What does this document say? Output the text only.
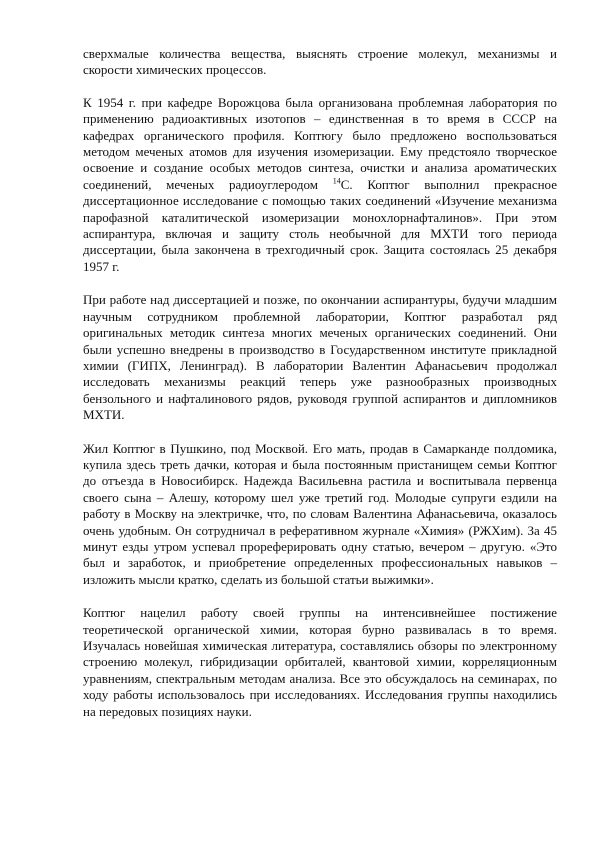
сверхмалые количества вещества, выяснять строение молекул, механизмы и скорости химических процессов.

К 1954 г. при кафедре Ворожцова была организована проблемная лаборатория по применению радиоактивных изотопов – единственная в то время в СССР на кафедрах органического профиля. Коптюгу было предложено воспользоваться методом меченых атомов для изучения изомеризации. Ему предстояло творческое освоение и создание особых методов синтеза, очистки и анализа ароматических соединений, меченых радиоуглеродом $^{14}$С. Коптюг выполнил прекрасное диссертационное исследование с помощью таких соединений «Изучение механизма парофазной каталитической изомеризации монохлорнафталинов». При этом аспирантура, включая и защиту столь необычной для МХТИ того периода диссертации, была закончена в трехгодичный срок. Защита состоялась 25 декабря 1957 г.

При работе над диссертацией и позже, по окончании аспирантуры, будучи младшим научным сотрудником проблемной лаборатории, Коптюг разработал ряд оригинальных методик синтеза многих меченых органических соединений. Они были успешно внедрены в производство в Государственном институте прикладной химии (ГИПХ, Ленинград). В лаборатории Валентин Афанасьевич продолжал исследовать механизмы реакций теперь уже разнообразных производных бензольного и нафталинового рядов, руководя группой аспирантов и дипломников МХТИ.

Жил Коптюг в Пушкино, под Москвой. Его мать, продав в Самарканде полдомика, купила здесь треть дачки, которая и была постоянным пристанищем семьи Коптюг до отъезда в Новосибирск. Надежда Васильевна растила и воспитывала первенца своего сына – Алешу, которому шел уже третий год. Молодые супруги ездили на работу в Москву на электричке, что, по словам Валентина Афанасьевича, оказалось очень удобным. Он сотрудничал в реферативном журнале «Химия» (РЖХим). За 45 минут езды утром успевал прореферировать одну статью, вечером – другую. «Это был и заработок, и приобретение определенных профессиональных навыков – изложить мысли кратко, сделать из большой статьи выжимки».

Коптюг нацелил работу своей группы на интенсивнейшее постижение теоретической органической химии, которая бурно развивалась в то время. Изучалась новейшая химическая литература, составлялись обзоры по электронному строению молекул, гибридизации орбиталей, квантовой химии, корреляционным уравнениям, спектральным методам анализа. Все это обсуждалось на семинарах, по ходу работы использовалось при исследованиях. Исследования группы находились на передовых позициях науки.
